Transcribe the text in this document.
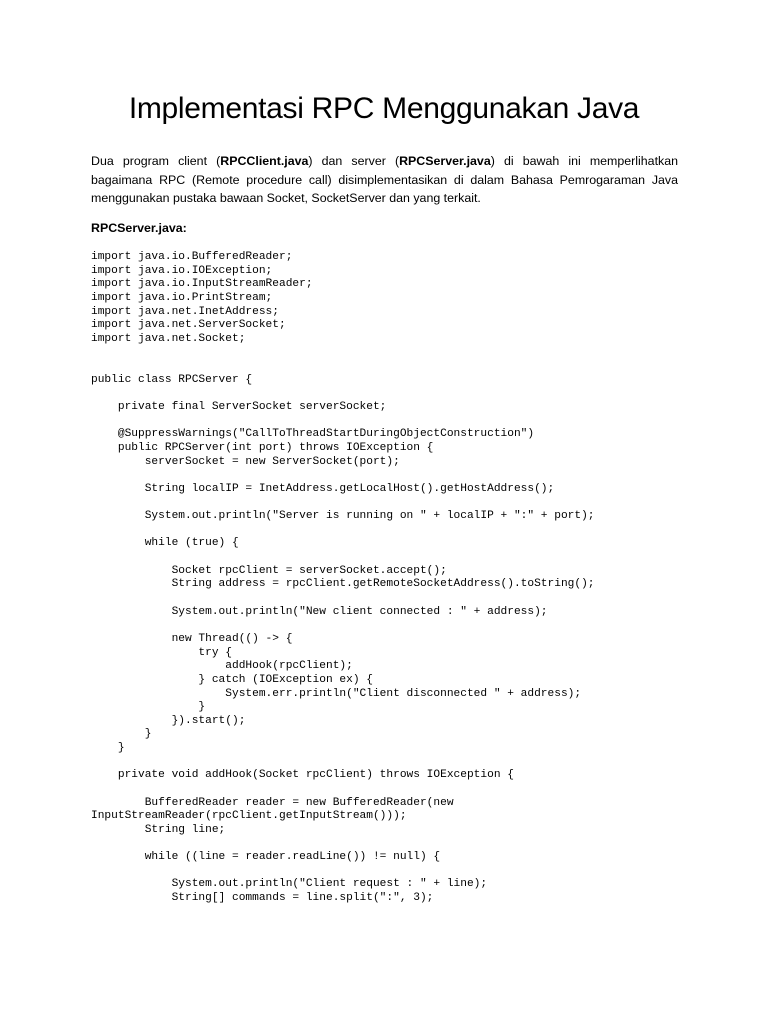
Implementasi RPC Menggunakan Java

Dua program client (RPCClient.java) dan server (RPCServer.java) di bawah ini memperlihatkan bagaimana RPC (Remote procedure call) disimplementasikan di dalam Bahasa Pemrogaraman Java menggunakan pustaka bawaan Socket, SocketServer dan yang terkait.

RPCServer.java:

import java.io.BufferedReader;
import java.io.IOException;
import java.io.InputStreamReader;
import java.io.PrintStream;
import java.net.InetAddress;
import java.net.ServerSocket;
import java.net.Socket;
public class RPCServer {
private final ServerSocket serverSocket;
@SuppressWarnings("CallToThreadStartDuringObjectConstruction")
public RPCServer(int port) throws IOException {
serverSocket = new ServerSocket(port);
String localIP = InetAddress.getLocalHost().getHostAddress();
System.out.println("Server is running on " + localIP + ":" + port);
while (true) {
Socket rpcClient = serverSocket.accept();
String address = rpcClient.getRemoteSocketAddress().toString();
System.out.println("New client connected : " + address);
new Thread(() -> {
try {
addHook(rpcClient);
} catch (IOException ex) {
System.err.println("Client disconnected " + address);
}
}).start();
}
}
private void addHook(Socket rpcClient) throws IOException {
BufferedReader reader = new BufferedReader(new
InputStreamReader(rpcClient.getInputStream()));
String line;
while ((line = reader.readLine()) != null) {
System.out.println("Client request : " + line);
String[] commands = line.split(":", 3);
